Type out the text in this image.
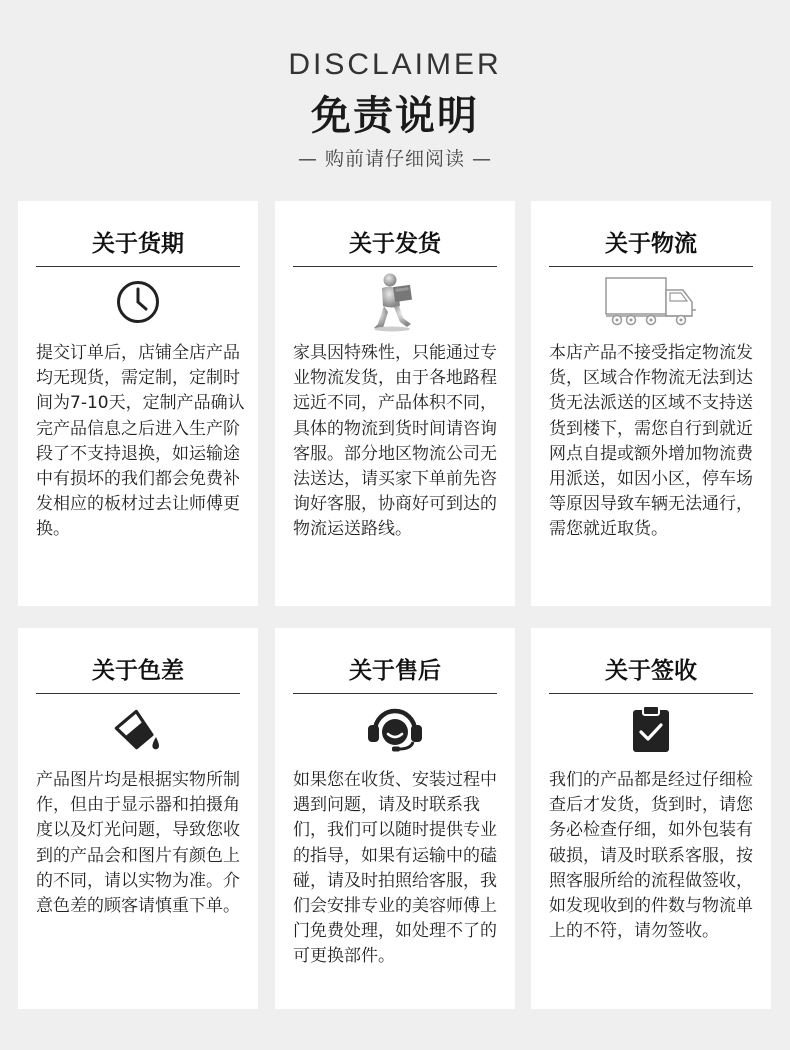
DISCLAIMER
免责说明
— 购前请仔细阅读 —
关于货期
提交订单后，店铺全店产品均无现货，需定制，定制时间为7-10天，定制产品确认完产品信息之后进入生产阶段了不支持退换，如运输途中有损坏的我们都会免费补发相应的板材过去让师傅更换。
关于发货
家具因特殊性，只能通过专业物流发货，由于各地路程远近不同，产品体积不同，具体的物流到货时间请咨询客服。部分地区物流公司无法送达，请买家下单前先咨询好客服，协商好可到达的物流运送路线。
关于物流
本店产品不接受指定物流发货，区域合作物流无法到达货无法派送的区域不支持送货到楼下，需您自行到就近网点自提或额外增加物流费用派送，如因小区，停车场等原因导致车辆无法通行，需您就近取货。
关于色差
产品图片均是根据实物所制作，但由于显示器和拍摄角度以及灯光问题，导致您收到的产品会和图片有颜色上的不同，请以实物为准。介意色差的顾客请慎重下单。
关于售后
如果您在收货、安装过程中遇到问题，请及时联系我们，我们可以随时提供专业的指导，如果有运输中的磕碰，请及时拍照给客服，我们会安排专业的美容师傅上门免费处理，如处理不了的可更换部件。
关于签收
我们的产品都是经过仔细检查后才发货，货到时，请您务必检查仔细，如外包装有破损，请及时联系客服，按照客服所给的流程做签收，如发现收到的件数与物流单上的不符，请勿签收。
